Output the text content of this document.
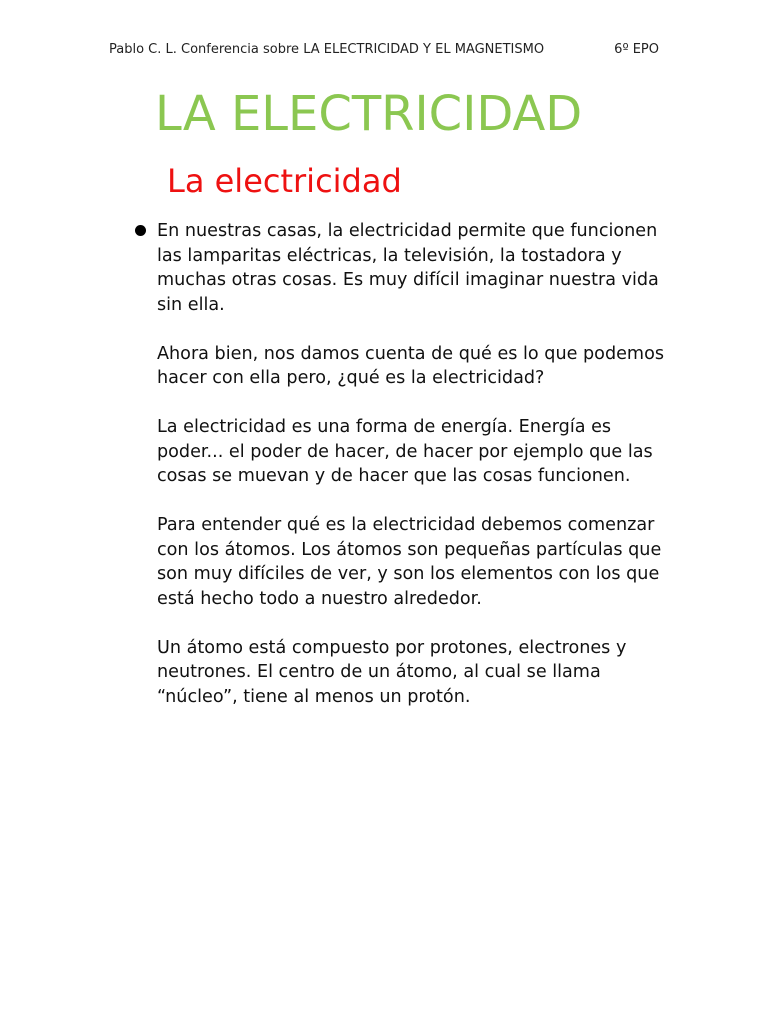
Pablo C. L. Conferencia sobre LA ELECTRICIDAD Y EL MAGNETISMO	6º EPO
LA ELECTRICIDAD
La electricidad

En nuestras casas, la electricidad permite que funcionen las lamparitas eléctricas, la televisión, la tostadora y muchas otras cosas. Es muy difícil imaginar nuestra vida sin ella.

Ahora bien, nos damos cuenta de qué es lo que podemos hacer con ella pero, ¿qué es la electricidad?

La electricidad es una forma de energía. Energía es poder... el poder de hacer, de hacer por ejemplo que las cosas se muevan y de hacer que las cosas funcionen.

Para entender qué es la electricidad debemos comenzar con los átomos. Los átomos son pequeñas partículas que son muy difíciles de ver, y son los elementos con los que está hecho todo a nuestro alrededor.

Un átomo está compuesto por protones, electrones y neutrones. El centro de un átomo, al cual se llama “núcleo”, tiene al menos un protón.
